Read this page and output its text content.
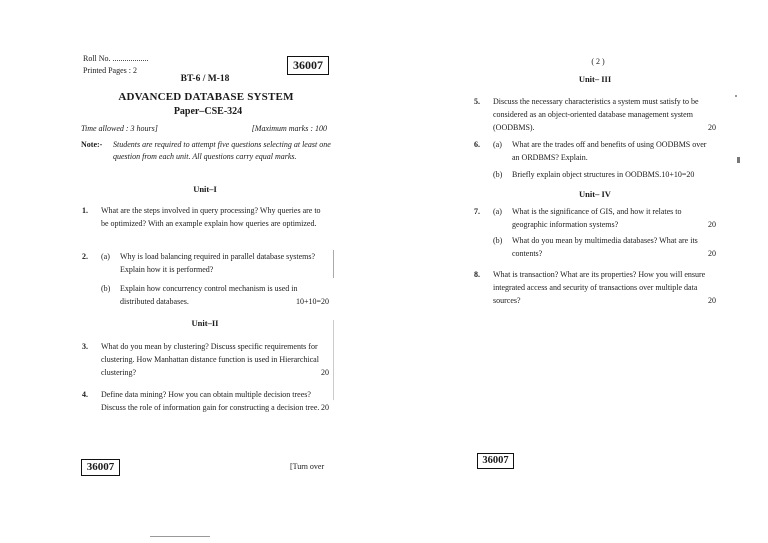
Roll No. ..................
Printed Pages : 2	36007
BT-6 / M-18
ADVANCED DATABASE SYSTEM
Paper–CSE-324
Time allowed : 3 hours]	[Maximum marks : 100
Note:- Students are required to attempt five questions selecting at least one question from each unit. All questions carry equal marks.
Unit–I
1. What are the steps involved in query processing? Why queries are to be optimized? With an example explain how queries are optimized.
2. (a) Why is load balancing required in parallel database systems? Explain how it is performed?
(b) Explain how concurrency control mechanism is used in distributed databases.	10+10=20
Unit–II
3. What do you mean by clustering? Discuss specific requirements for clustering. How Manhattan distance function is used in Hierarchical clustering?	20
4. Define data mining? How you can obtain multiple decision trees? Discuss the role of information gain for constructing a decision tree. 20
36007	[Turn over
( 2 )
Unit– III
5. Discuss the necessary characteristics a system must satisfy to be considered as an object-oriented database management system (OODBMS).	20
6. (a) What are the trades off and benefits of using OODBMS over an ORDBMS? Explain.
(b) Briefly explain object structures in OODBMS.10+10=20
Unit– IV
7. (a) What is the significance of GIS, and how it relates to geographic information systems?	20
(b) What do you mean by multimedia databases? What are its contents?	20
8. What is transaction? What are its properties? How you will ensure integrated access and security of transactions over multiple data sources?	20
36007
